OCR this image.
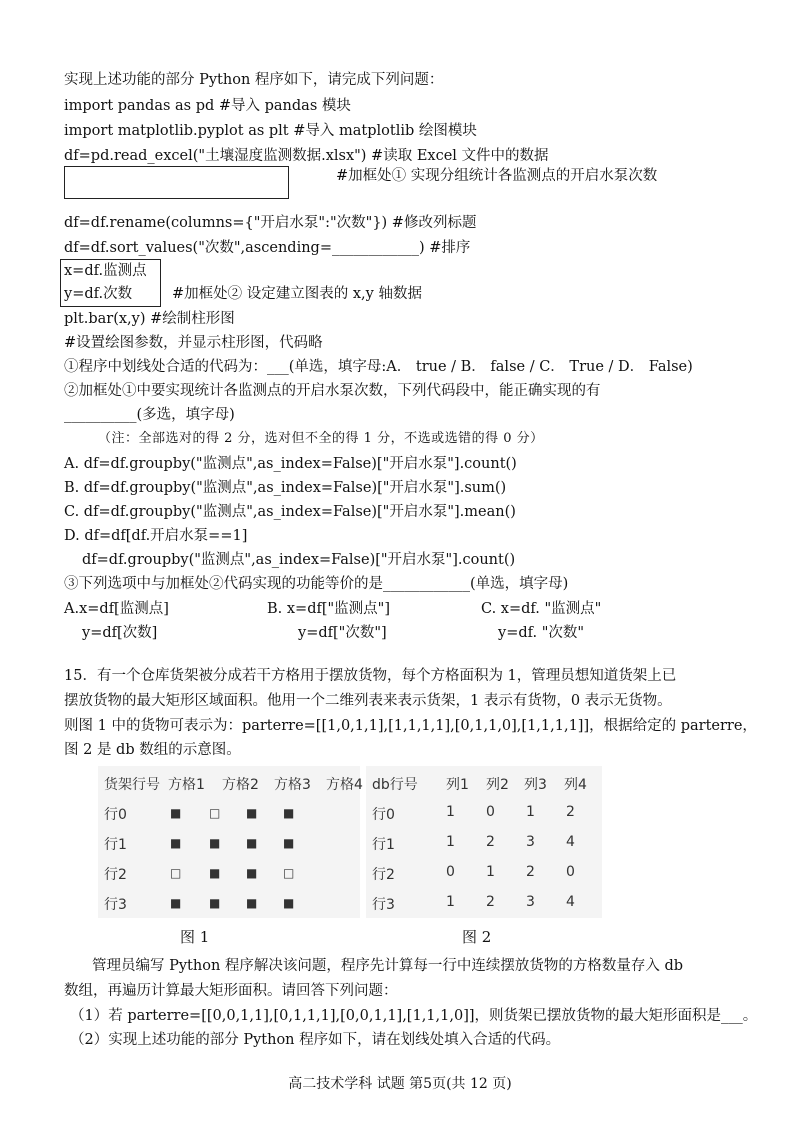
实现上述功能的部分 Python 程序如下，请完成下列问题：
import pandas as pd #导入 pandas 模块
import matplotlib.pyplot as plt #导入 matplotlib 绘图模块
df=pd.read_excel("土壤湿度监测数据.xlsx") #读取 Excel 文件中的数据
#加框处① 实现分组统计各监测点的开启水泵次数
df=df.rename(columns={"开启水泵":"次数"}) #修改列标题
df=df.sort_values("次数",ascending=____________) #排序
x=df.监测点
y=df.次数	#加框处② 设定建立图表的 x,y 轴数据
plt.bar(x,y) #绘制柱形图
#设置绘图参数，并显示柱形图，代码略
①程序中划线处合适的代码为：___(单选，填字母:A． true / B． false / C． True / D． False)
②加框处①中要实现统计各监测点的开启水泵次数，下列代码段中，能正确实现的有
__________(多选，填字母)
（注：全部选对的得 2 分，选对但不全的得 1 分，不选或选错的得 0 分）
A. df=df.groupby("监测点",as_index=False)["开启水泵"].count()
B. df=df.groupby("监测点",as_index=False)["开启水泵"].sum()
C. df=df.groupby("监测点",as_index=False)["开启水泵"].mean()
D. df=df[df.开启水泵==1]
df=df.groupby("监测点",as_index=False)["开启水泵"].count()
③下列选项中与加框处②代码实现的功能等价的是____________(单选，填字母)
A.x=df[监测点]
y=df[次数]
B. x=df["监测点"]
y=df["次数"]
C. x=df. "监测点"
y=df. "次数"
15．有一个仓库货架被分成若干方格用于摆放货物，每个方格面积为 1，管理员想知道货架上已
摆放货物的最大矩形区域面积。他用一个二维列表来表示货架，1 表示有货物，0 表示无货物。
则图 1 中的货物可表示为：parterre=[[1,0,1,1],[1,1,1,1],[0,1,1,0],[1,1,1,1]]，根据给定的 parterre，
图 2 是 db 数组的示意图。
货架行号 方格1 方格2 方格3 方格4
行0	■ □ ■ ■
行1	■ ■ ■ ■
行2	□ ■ ■ □
行3	■ ■ ■ ■
db行号 列1 列2 列3 列4
行0	1 0 1 2
行1	1 2 3 4
行2	0 1 2 0
行3	1 2 3 4
图 1	图 2
管理员编写 Python 程序解决该问题，程序先计算每一行中连续摆放货物的方格数量存入 db
数组，再遍历计算最大矩形面积。请回答下列问题：
（1）若 parterre=[[0,0,1,1],[0,1,1,1],[0,0,1,1],[1,1,1,0]]，则货架已摆放货物的最大矩形面积是___。
（2）实现上述功能的部分 Python 程序如下，请在划线处填入合适的代码。
高二技术学科 试题 第5页(共 12 页)
